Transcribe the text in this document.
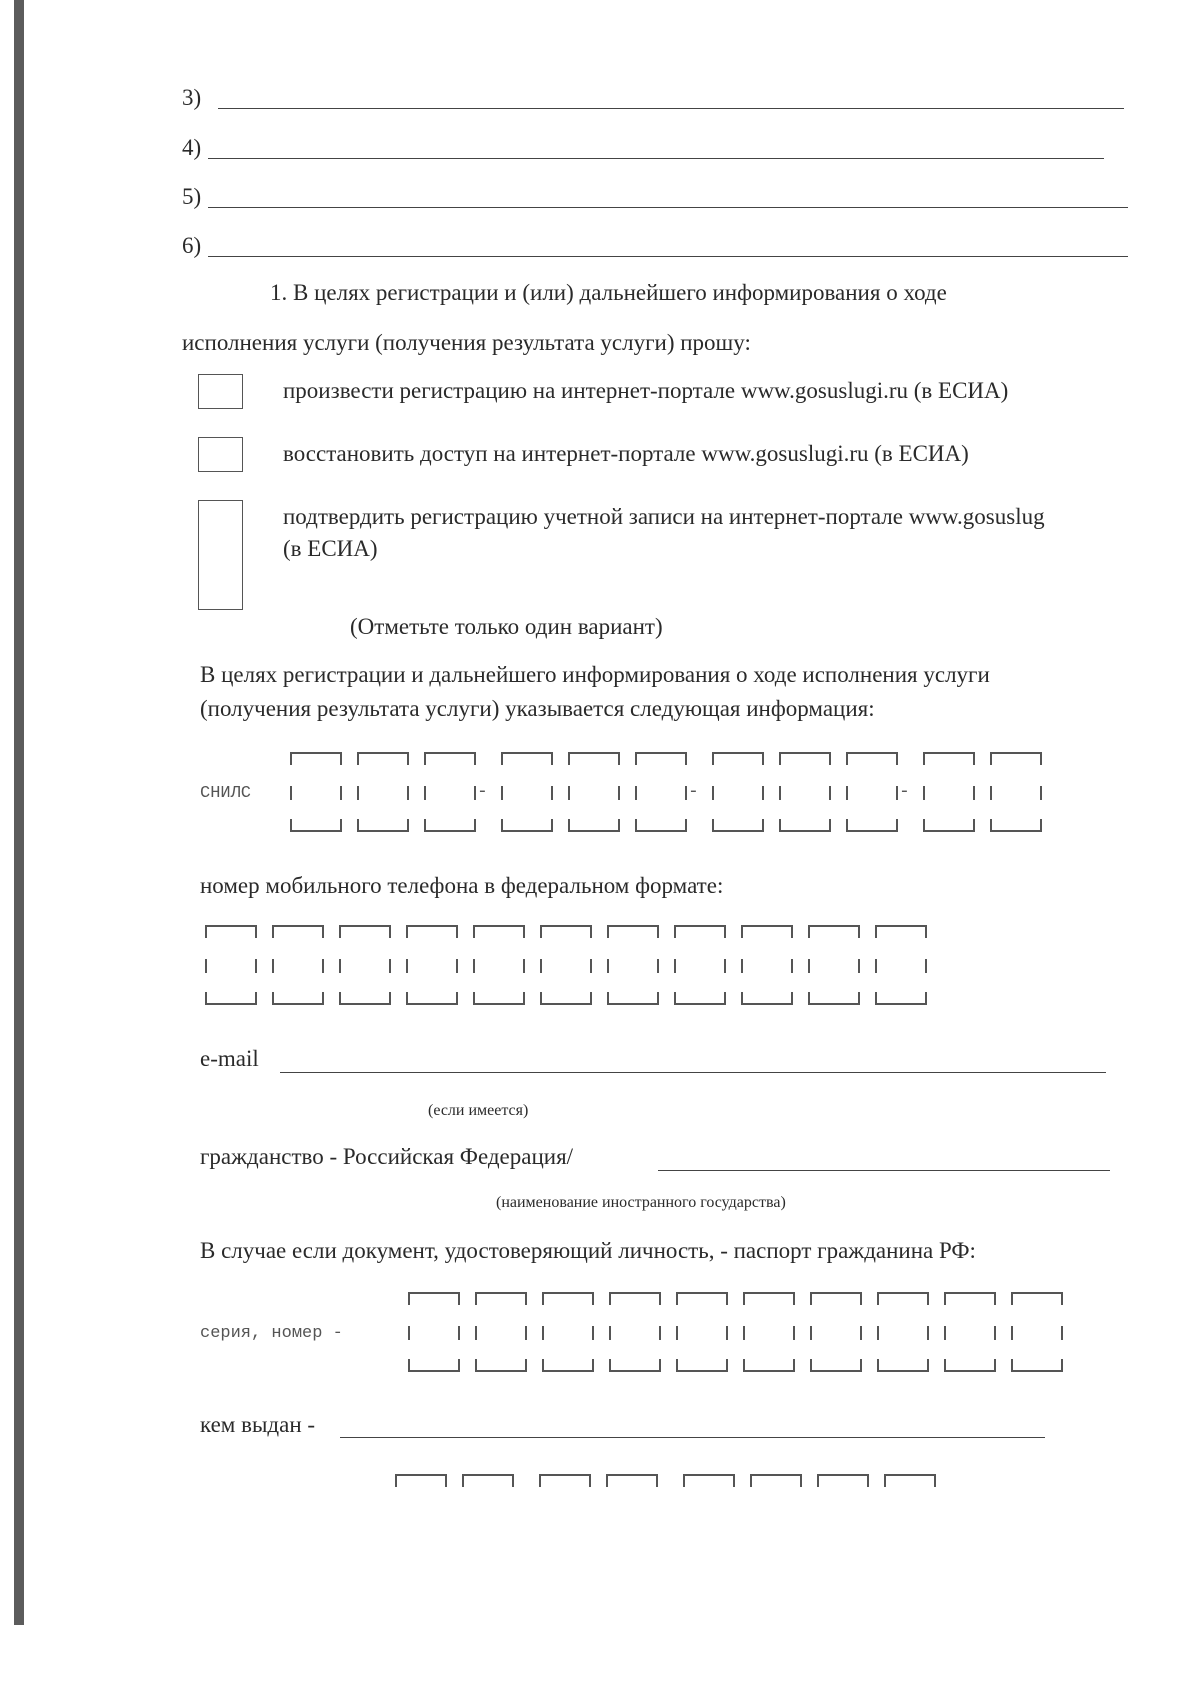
3)
4)
5)
6)
1. В целях регистрации и (или) дальнейшего информирования о ходе
исполнения услуги (получения результата услуги) прошу:
произвести регистрацию на интернет-портале www.gosuslugi.ru (в ЕСИА)
восстановить доступ на интернет-портале www.gosuslugi.ru (в ЕСИА)
подтвердить регистрацию учетной записи на интернет-портале www.gosuslug
(в ЕСИА)
(Отметьте только один вариант)
В целях регистрации и дальнейшего информирования о ходе исполнения услуги
(получения результата услуги) указывается следующая информация:
СНИЛС	-	-	-
номер мобильного телефона в федеральном формате:
e-mail
(если имеется)
гражданство - Российская Федерация/
(наименование иностранного государства)
В случае если документ, удостоверяющий личность, - паспорт гражданина РФ:
серия, номер -
кем выдан -
